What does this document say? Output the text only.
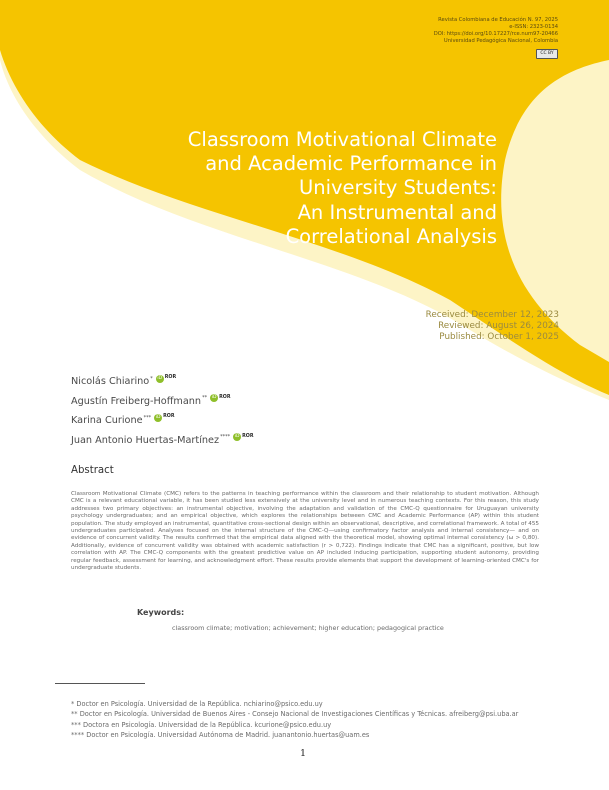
Revista Colombiana de Educación N. 97, 2025
e-ISSN: 2323-0134
DOI: https://doi.org/10.17227/rce.num97-20466
Universidad Pedagógica Nacional, Colombia
CC BY
Classroom Motivational Climate
and Academic Performance in
University Students:
An Instrumental and
Correlational Analysis
Received: December 12, 2023
Reviewed: August 26, 2024
Published: October 1, 2025
Nicolás Chiarino*	iD ROR
Agustín Freiberg-Hoffmann**	iD ROR
Karina Curione***	iD ROR
Juan Antonio Huertas-Martínez****	iD ROR
Abstract
Classroom Motivational Climate (CMC) refers to the patterns in teaching performance within the classroom and their relationship to student motivation. Although CMC is a relevant educational variable, it has been studied less extensively at the university level and in numerous teaching contexts. For this reason, this study addresses two primary objectives: an instrumental objective, involving the adaptation and validation of the CMC-Q questionnaire for Uruguayan university psychology undergraduates; and an empirical objective, which explores the relationships between CMC and Academic Performance (AP) within this student population. The study employed an instrumental, quantitative cross-sectional design within an observational, descriptive, and correlational framework. A total of 455 undergraduates participated. Analyses focused on the internal structure of the CMC-Q—using confirmatory factor analysis and internal consistency— and on evidence of concurrent validity. The results confirmed that the empirical data aligned with the theoretical model, showing optimal internal consistency (ω > 0,80). Additionally, evidence of concurrent validity was obtained with academic satisfaction (r > 0,722). Findings indicate that CMC has a significant, positive, but low correlation with AP. The CMC-Q components with the greatest predictive value on AP included inducing participation, supporting student autonomy, providing regular feedback, assessment for learning, and acknowledgment effort. These results provide elements that support the development of learning-oriented CMC's for undergraduate students.
Keywords:
classroom climate; motivation; achievement; higher education; pedagogical practice
* Doctor en Psicología. Universidad de la República. nchiarino@psico.edu.uy
** Doctor en Psicología. Universidad de Buenos Aires - Consejo Nacional de Investigaciones Científicas y Técnicas. afreiberg@psi.uba.ar
*** Doctora en Psicología. Universidad de la República. kcurione@psico.edu.uy
**** Doctor en Psicología. Universidad Autónoma de Madrid. juanantonio.huertas@uam.es
1
